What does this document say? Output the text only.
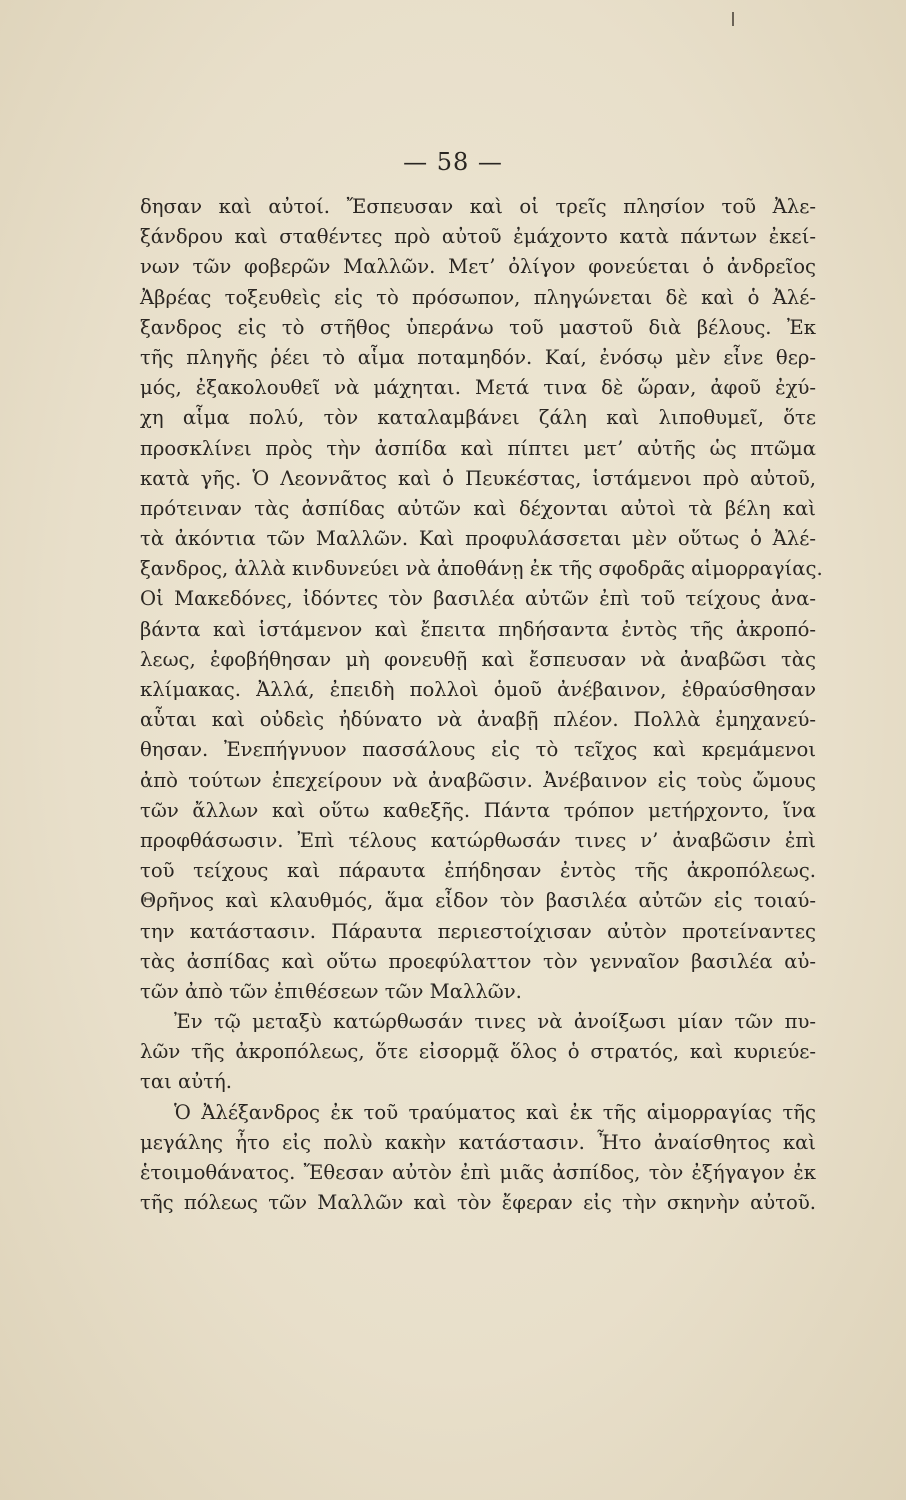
— 58 —
δησαν καὶ αὐτοί. Ἔσπευσαν καὶ οἱ τρεῖς πλησίον τοῦ Ἀλε-
ξάνδρου καὶ σταθέντες πρὸ αὐτοῦ ἐμάχοντο κατὰ πάντων ἐκεί-
νων τῶν φοβερῶν Μαλλῶν. Μετ’ ὀλίγον φονεύεται ὁ ἀνδρεῖος
Ἀβρέας τοξευθεὶς εἰς τὸ πρόσωπον, πληγώνεται δὲ καὶ ὁ Ἀλέ-
ξανδρος εἰς τὸ στῆθος ὑπεράνω τοῦ μαστοῦ διὰ βέλους. Ἐκ
τῆς πληγῆς ῥέει τὸ αἷμα ποταμηδόν. Καί, ἐνόσῳ μὲν εἶνε θερ-
μός, ἐξακολουθεῖ νὰ μάχηται. Μετά τινα δὲ ὥραν, ἀφοῦ ἐχύ-
χη αἷμα πολύ, τὸν καταλαμβάνει ζάλη καὶ λιποθυμεῖ, ὅτε
προσκλίνει πρὸς τὴν ἀσπίδα καὶ πίπτει μετ’ αὐτῆς ὡς πτῶμα
κατὰ γῆς. Ὁ Λεοννᾶτος καὶ ὁ Πευκέστας, ἱστάμενοι πρὸ αὐτοῦ,
πρότειναν τὰς ἀσπίδας αὐτῶν καὶ δέχονται αὐτοὶ τὰ βέλη καὶ
τὰ ἀκόντια τῶν Μαλλῶν. Καὶ προφυλάσσεται μὲν οὕτως ὁ Ἀλέ-
ξανδρος, ἀλλὰ κινδυνεύει νὰ ἀποθάνῃ ἐκ τῆς σφοδρᾶς αἱμορραγίας.
Οἱ Μακεδόνες, ἰδόντες τὸν βασιλέα αὐτῶν ἐπὶ τοῦ τείχους ἀνα-
βάντα καὶ ἱστάμενον καὶ ἔπειτα πηδήσαντα ἐντὸς τῆς ἀκροπό-
λεως, ἐφοβήθησαν μὴ φονευθῇ καὶ ἔσπευσαν νὰ ἀναβῶσι τὰς
κλίμακας. Ἀλλά, ἐπειδὴ πολλοὶ ὁμοῦ ἀνέβαινον, ἐθραύσθησαν
αὗται καὶ οὐδεὶς ἠδύνατο νὰ ἀναβῇ πλέον. Πολλὰ ἐμηχανεύ-
θησαν. Ἐνεπήγνυον πασσάλους εἰς τὸ τεῖχος καὶ κρεμάμενοι
ἀπὸ τούτων ἐπεχείρουν νὰ ἀναβῶσιν. Ἀνέβαινον εἰς τοὺς ὤμους
τῶν ἄλλων καὶ οὕτω καθεξῆς. Πάντα τρόπον μετήρχοντο, ἵνα
προφθάσωσιν. Ἐπὶ τέλους κατώρθωσάν τινες ν’ ἀναβῶσιν ἐπὶ
τοῦ τείχους καὶ πάραυτα ἐπήδησαν ἐντὸς τῆς ἀκροπόλεως.
Θρῆνος καὶ κλαυθμός, ἅμα εἶδον τὸν βασιλέα αὐτῶν εἰς τοιαύ-
την κατάστασιν. Πάραυτα περιεστοίχισαν αὐτὸν προτείναντες
τὰς ἀσπίδας καὶ οὕτω προεφύλαττον τὸν γενναῖον βασιλέα αὐ-
τῶν ἀπὸ τῶν ἐπιθέσεων τῶν Μαλλῶν.
Ἐν τῷ μεταξὺ κατώρθωσάν τινες νὰ ἀνοίξωσι μίαν τῶν πυ-
λῶν τῆς ἀκροπόλεως, ὅτε εἰσορμᾷ ὅλος ὁ στρατός, καὶ κυριεύε-
ται αὐτή.
Ὁ Ἀλέξανδρος ἐκ τοῦ τραύματος καὶ ἐκ τῆς αἱμορραγίας τῆς
μεγάλης ἦτο εἰς πολὺ κακὴν κατάστασιν. Ἦτο ἀναίσθητος καὶ
ἑτοιμοθάνατος. Ἔθεσαν αὐτὸν ἐπὶ μιᾶς ἀσπίδος, τὸν ἐξήγαγον ἐκ
τῆς πόλεως τῶν Μαλλῶν καὶ τὸν ἔφεραν εἰς τὴν σκηνὴν αὐτοῦ.
